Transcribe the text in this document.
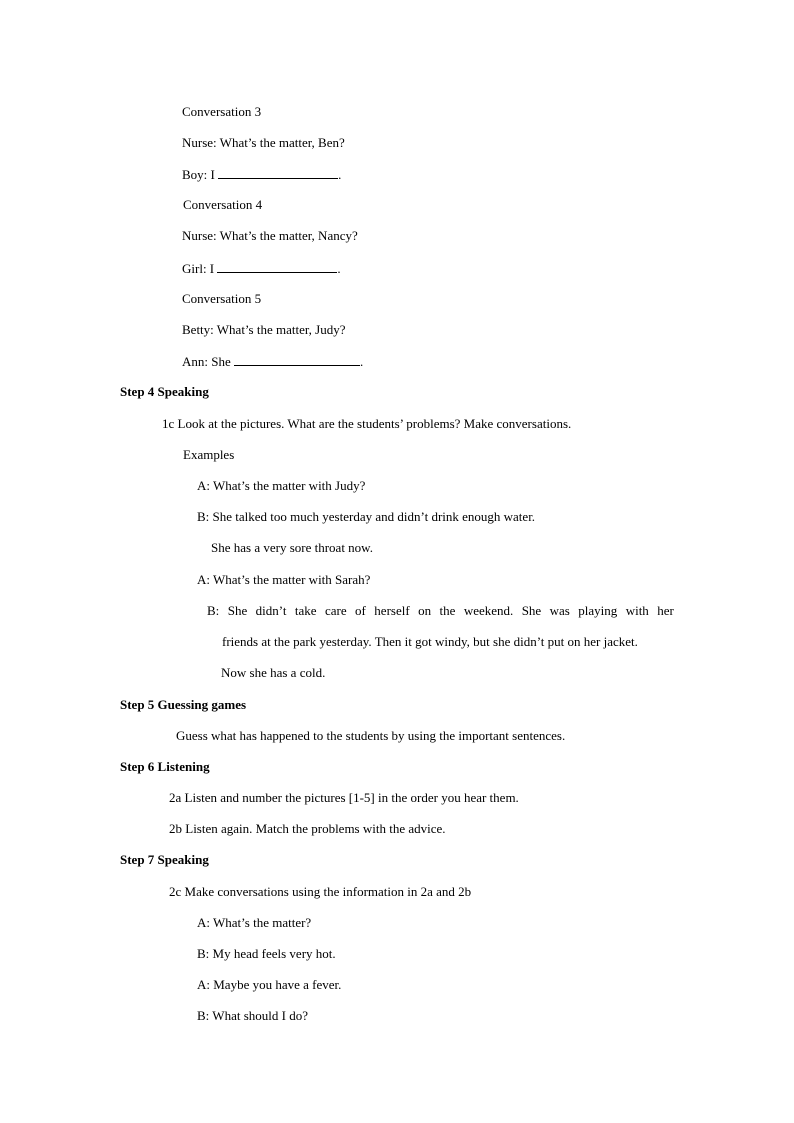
Conversation 3
Nurse: What’s the matter, Ben?
Boy: I	.
Conversation 4
Nurse: What’s the matter, Nancy?
Girl: I	.
Conversation 5
Betty: What’s the matter, Judy?
Ann: She	.
Step 4 Speaking
1c Look at the pictures. What are the students’ problems? Make conversations.
Examples
A: What’s the matter with Judy?
B: She talked too much yesterday and didn’t drink enough water.
She has a very sore throat now.
A: What’s the matter with Sarah?
B: She didn’t take care of herself on the weekend. She was playing with her
friends at the park yesterday. Then it got windy, but she didn’t put on her jacket.
Now she has a cold.
Step 5 Guessing games
Guess what has happened to the students by using the important sentences.
Step 6 Listening
2a Listen and number the pictures [1-5] in the order you hear them.
2b Listen again. Match the problems with the advice.
Step 7 Speaking
2c Make conversations using the information in 2a and 2b
A: What’s the matter?
B: My head feels very hot.
A: Maybe you have a fever.
B: What should I do?
